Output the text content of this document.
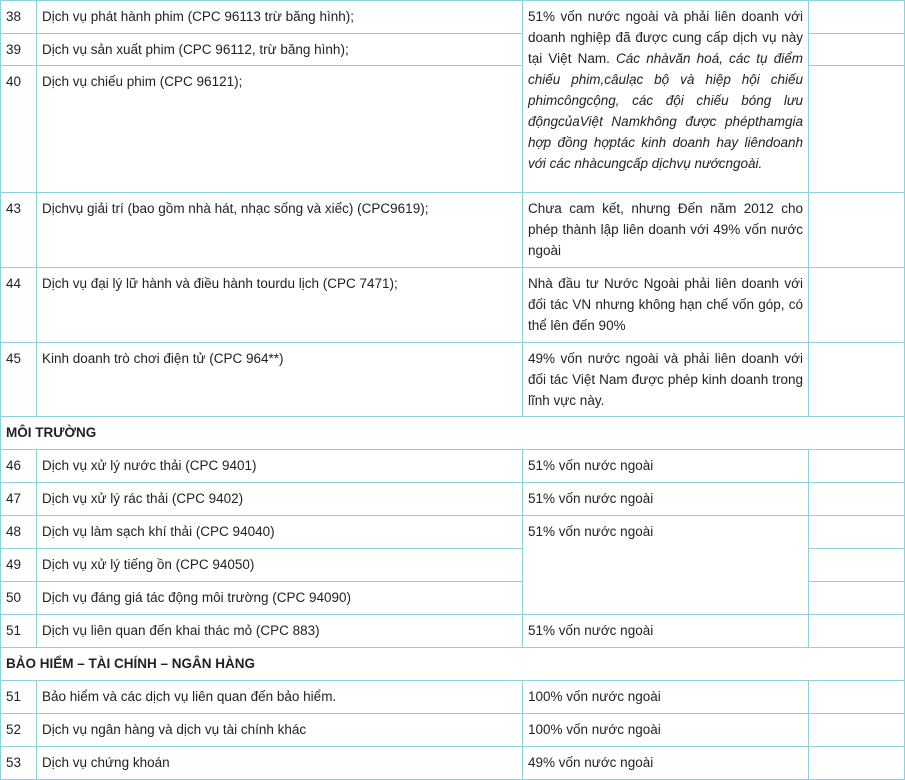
38	Dịch vụ phát hành phim (CPC 96113 trừ băng hình);	51% vốn nước ngoài và phải liên doanh với doanh nghiệp đã được cung cấp dịch vụ này tại Việt Nam. Các nhàvăn hoá, các tụ điểm chiếu phim,câulạc bộ và hiệp hội chiếu phimcôngcộng, các đội chiếu bóng lưu độngcủaViệt Namkhông được phépthamgia hợp đồng hợptác kinh doanh hay liêndoanh với các nhàcungcấp dịchvụ nướcngoài.	
39	Dịch vụ sản xuất phim (CPC 96112, trừ băng hình);		
40	Dịch vụ chiếu phim (CPC 96121);		
43	Dịchvụ giải trí (bao gồm nhà hát, nhạc sống và xiếc) (CPC9619);	Chưa cam kết, nhưng Đến năm 2012 cho phép thành lập liên doanh với 49% vốn nước ngoài	
44	Dịch vụ đại lý lữ hành và điều hành tourdu lịch (CPC 7471);	Nhà đầu tư Nước Ngoài phải liên doanh với đối tác VN nhưng không hạn chế vốn góp, có thể lên đến 90%	
45	Kinh doanh trò chơi điện tử (CPC 964**)	49% vốn nước ngoài và phải liên doanh với đối tác Việt Nam được phép kinh doanh trong lĩnh vực này.	
MÔI TRƯỜNG			
46	Dịch vụ xử lý nước thải (CPC 9401)	51% vốn nước ngoài	
47	Dịch vụ xử lý rác thải (CPC 9402)	51% vốn nước ngoài	
48	Dịch vụ làm sạch khí thải (CPC 94040)	51% vốn nước ngoài	
49	Dịch vụ xử lý tiếng ồn (CPC 94050)		
50	Dịch vụ đáng giá tác động môi trường (CPC 94090)		
51	Dịch vụ liên quan đến khai thác mỏ (CPC 883)	51% vốn nước ngoài	
BẢO HIỂM – TÀI CHÍNH – NGÂN HÀNG			
51	Bảo hiểm và các dịch vụ liên quan đến bảo hiểm.	100% vốn nước ngoài	
52	Dịch vụ ngân hàng và dịch vụ tài chính khác	100% vốn nước ngoài	
53	Dịch vụ chứng khoán	49% vốn nước ngoài	
